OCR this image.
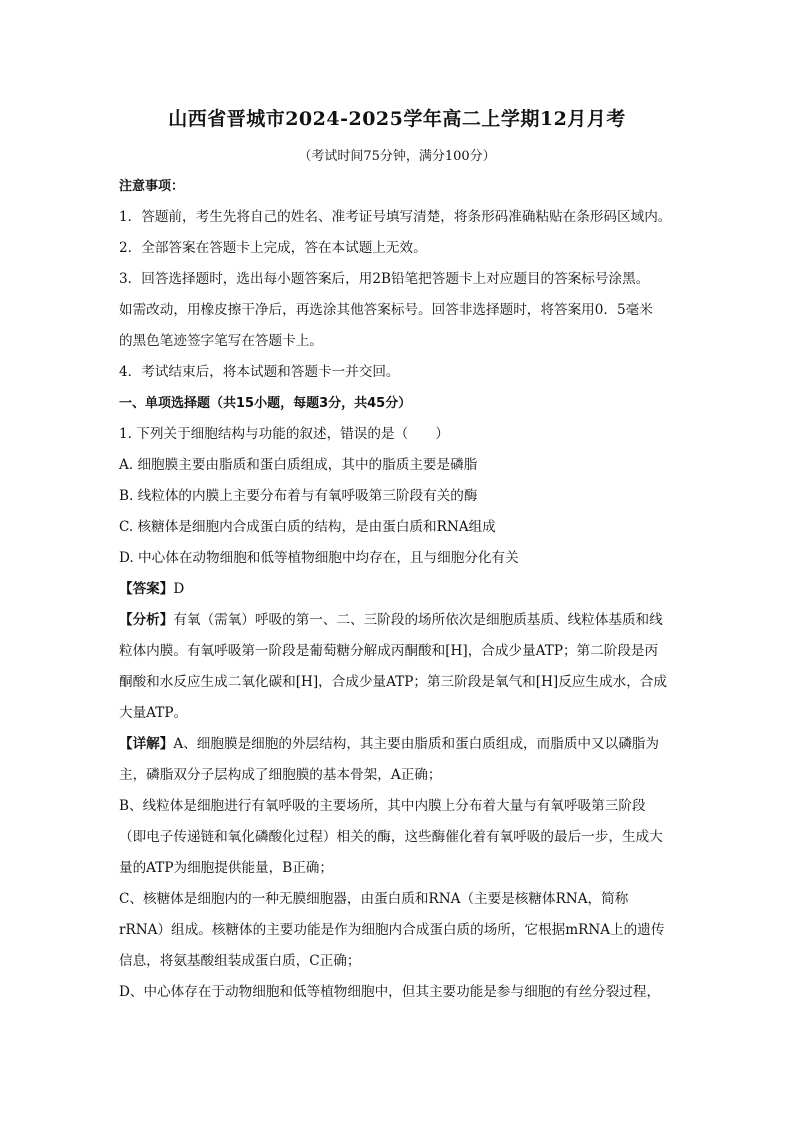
山西省晋城市2024-2025学年高二上学期12月月考
（考试时间75分钟，满分100分）
注意事项：
1．答题前，考生先将自己的姓名、准考证号填写清楚，将条形码准确粘贴在条形码区域内。
2．全部答案在答题卡上完成，答在本试题上无效。
3．回答选择题时，选出每小题答案后，用2B铅笔把答题卡上对应题目的答案标号涂黑。
如需改动，用橡皮擦干净后，再选涂其他答案标号。回答非选择题时，将答案用0．5毫米
的黑色笔迹签字笔写在答题卡上。
4．考试结束后，将本试题和答题卡一并交回。
一、单项选择题（共15小题，每题3分，共45分）
1. 下列关于细胞结构与功能的叙述，错误的是（　　）
A. 细胞膜主要由脂质和蛋白质组成，其中的脂质主要是磷脂
B. 线粒体的内膜上主要分布着与有氧呼吸第三阶段有关的酶
C. 核糖体是细胞内合成蛋白质的结构，是由蛋白质和RNA组成
D. 中心体在动物细胞和低等植物细胞中均存在，且与细胞分化有关
【答案】D
【分析】有氧（需氧）呼吸的第一、二、三阶段的场所依次是细胞质基质、线粒体基质和线
粒体内膜。有氧呼吸第一阶段是葡萄糖分解成丙酮酸和[H]，合成少量ATP；第二阶段是丙
酮酸和水反应生成二氧化碳和[H]，合成少量ATP；第三阶段是氧气和[H]反应生成水，合成
大量ATP。
【详解】A、细胞膜是细胞的外层结构，其主要由脂质和蛋白质组成，而脂质中又以磷脂为
主，磷脂双分子层构成了细胞膜的基本骨架，A正确；
B、线粒体是细胞进行有氧呼吸的主要场所，其中内膜上分布着大量与有氧呼吸第三阶段
（即电子传递链和氧化磷酸化过程）相关的酶，这些酶催化着有氧呼吸的最后一步，生成大
量的ATP为细胞提供能量，B正确；
C、核糖体是细胞内的一种无膜细胞器，由蛋白质和RNA（主要是核糖体RNA，简称
rRNA）组成。核糖体的主要功能是作为细胞内合成蛋白质的场所，它根据mRNA上的遗传
信息，将氨基酸组装成蛋白质，C正确；
D、中心体存在于动物细胞和低等植物细胞中，但其主要功能是参与细胞的有丝分裂过程，
